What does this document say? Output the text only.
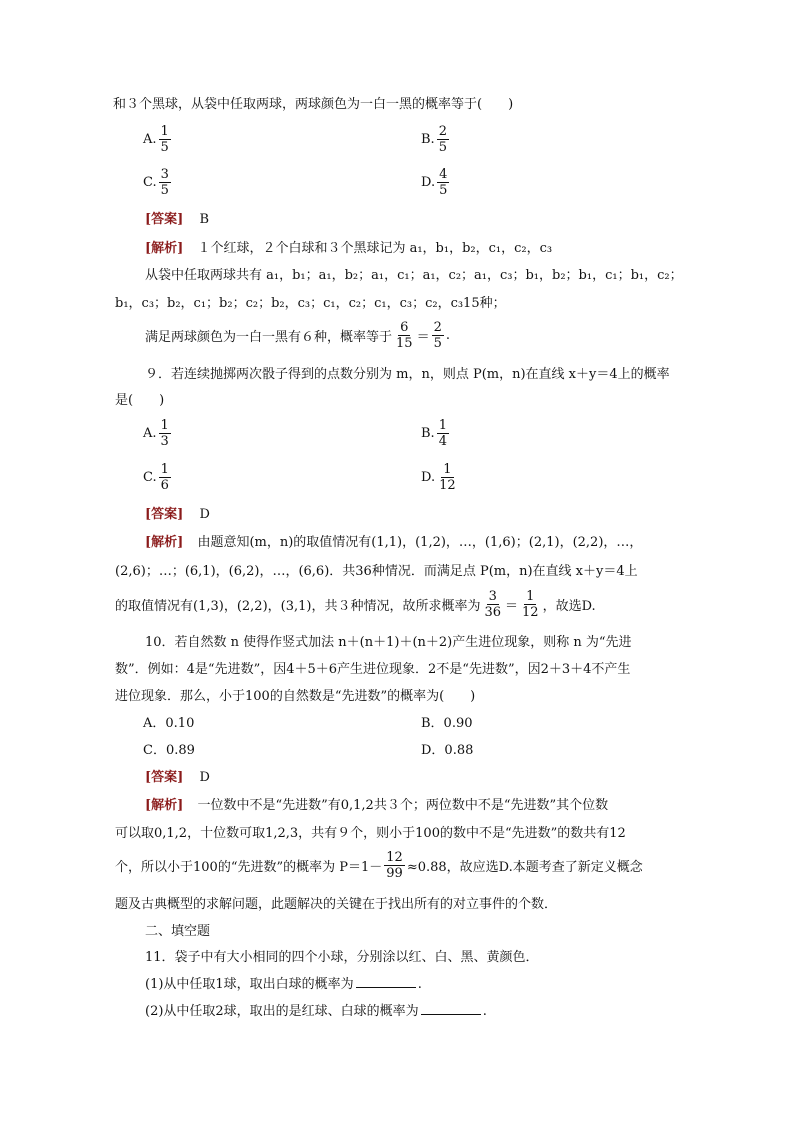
和３个黑球，从袋中任取两球，两球颜色为一白一黑的概率等于(　　)
A. $\frac{1}{5}$	B. $\frac{2}{5}$
C. $\frac{3}{5}$	D. $\frac{4}{5}$
[答案] B
[解析] １个红球，２个白球和３个黑球记为 a₁，b₁，b₂，c₁，c₂，c₃
从袋中任取两球共有 a₁，b₁；a₁，b₂；a₁，c₁；a₁，c₂；a₁，c₃；b₁，b₂；b₁，c₁；b₁，c₂；
b₁，c₃；b₂，c₁；b₂；c₂；b₂，c₃；c₁，c₂；c₁，c₃；c₂，c₃15种；
满足两球颜色为一白一黑有６种，概率等于 $\frac{6}{15} = \frac{2}{5}$ .
９．若连续抛掷两次骰子得到的点数分别为 m，n，则点 P(m，n)在直线 x＋y＝4上的概率
是(　　)
A. $\frac{1}{3}$	B. $\frac{1}{4}$
C. $\frac{1}{6}$	D. $\frac{1}{12}$
[答案] D
[解析] 由题意知(m，n)的取值情况有(1,1)，(1,2)，…，(1,6)；(2,1)，(2,2)，…，
(2,6)；…；(6,1)，(6,2)，…，(6,6)．共36种情况．而满足点 P(m，n)在直线 x＋y＝4上
的取值情况有(1,3)，(2,2)，(3,1)，共３种情况，故所求概率为 $\frac{3}{36} = \frac{1}{12}$ ，故选D.
10．若自然数 n 使得作竖式加法 n＋(n＋1)＋(n＋2)产生进位现象，则称 n 为“先进
数”．例如：4是“先进数”，因4＋5＋6产生进位现象．2不是“先进数”，因2＋3＋4不产生
进位现象．那么，小于100的自然数是“先进数”的概率为(　　)
A．0.10	B．0.90
C．0.89	D．0.88
[答案] D
[解析] 一位数中不是“先进数”有0,1,2共３个；两位数中不是“先进数”其个位数
可以取0,1,2，十位数可取1,2,3，共有９个，则小于100的数中不是“先进数”的数共有12
个，所以小于100的“先进数”的概率为 $P=1- \frac{12}{99} \approx 0.88$，故应选D.本题考查了新定义概念
题及古典概型的求解问题，此题解决的关键在于找出所有的对立事件的个数．
二、填空题
11．袋子中有大小相同的四个小球，分别涂以红、白、黑、黄颜色．
(1)从中任取1球，取出白球的概率为	.
(2)从中任取2球，取出的是红球、白球的概率为	.
